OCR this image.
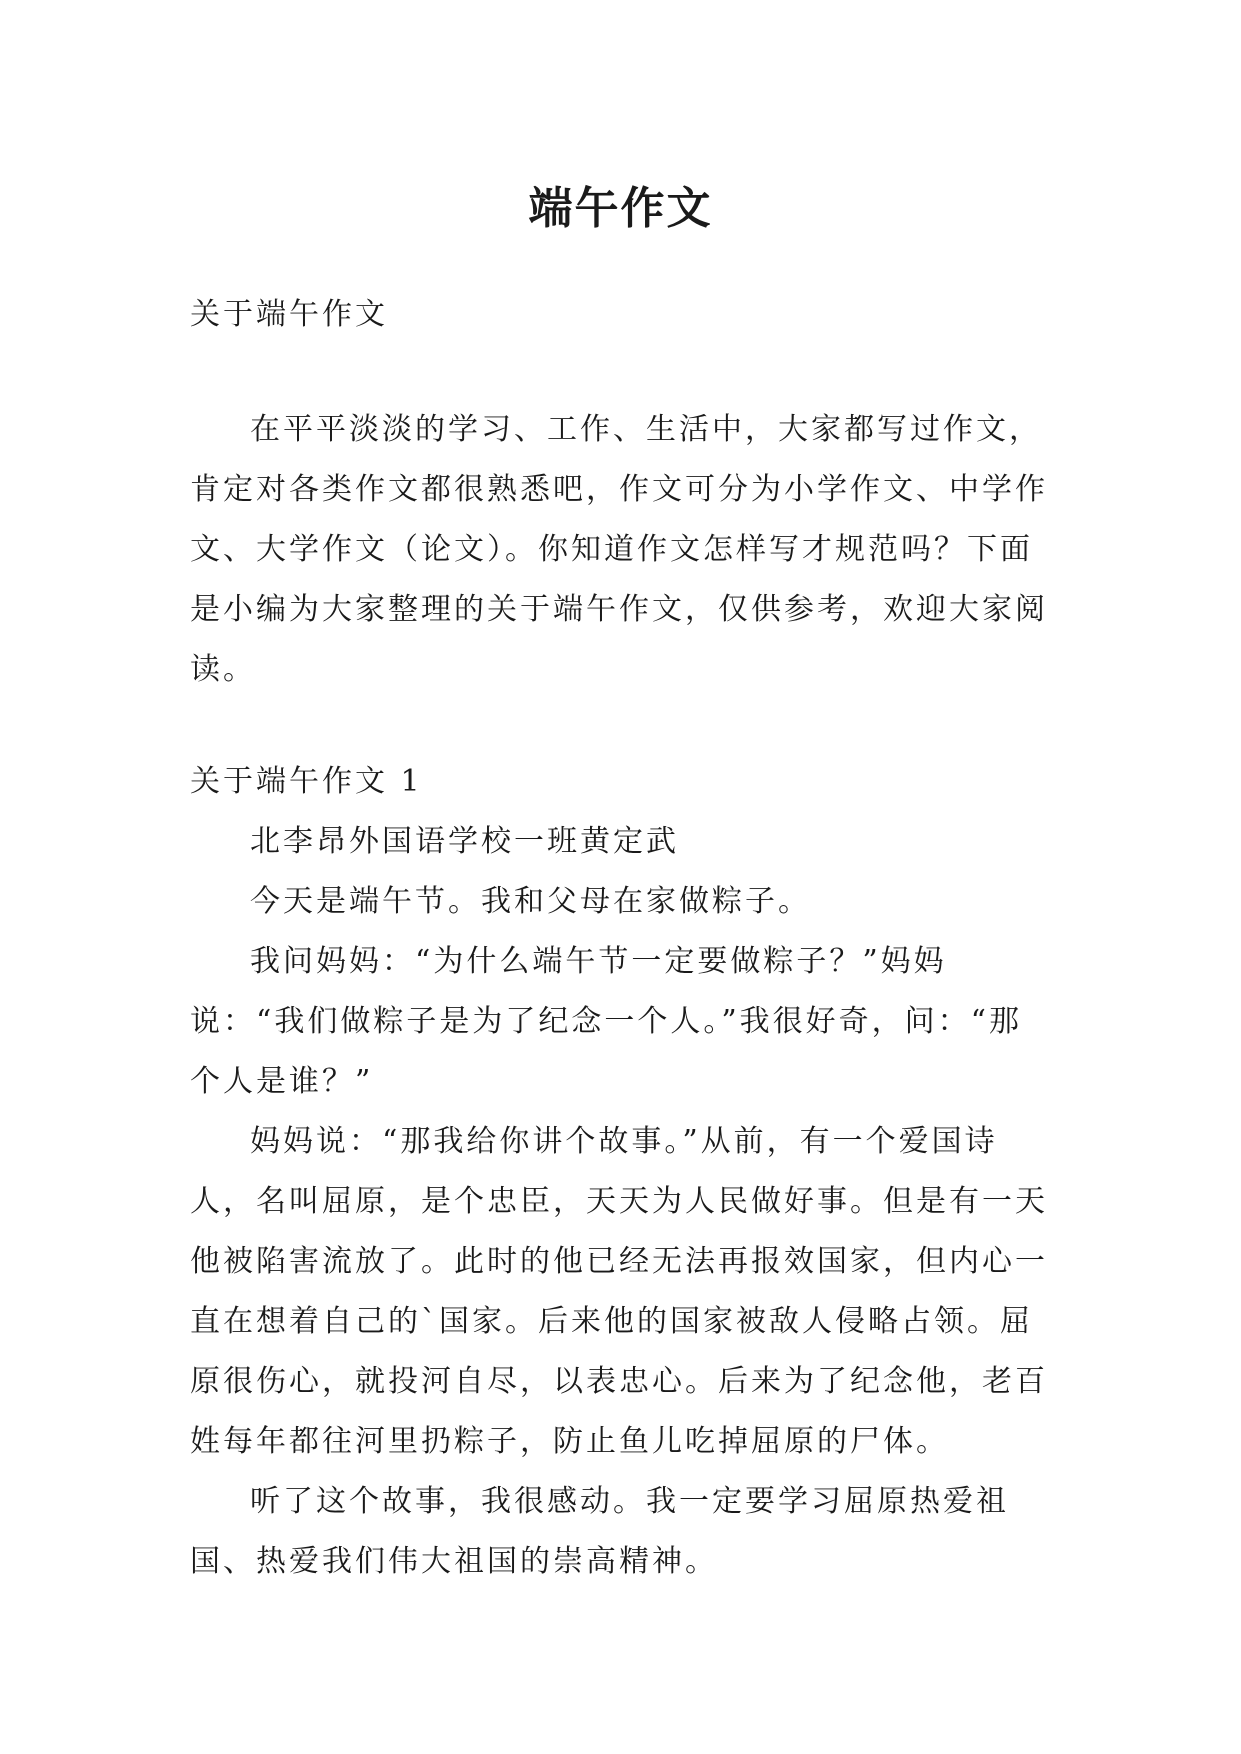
端午作文

关于端午作文

在平平淡淡的学习、工作、生活中，大家都写过作文，肯定对各类作文都很熟悉吧，作文可分为小学作文、中学作文、大学作文（论文）。你知道作文怎样写才规范吗？下面是小编为大家整理的关于端午作文，仅供参考，欢迎大家阅读。

关于端午作文 1

北李昂外国语学校一班黄定武

今天是端午节。我和父母在家做粽子。

我问妈妈：“为什么端午节一定要做粽子？”妈妈说：“我们做粽子是为了纪念一个人。”我很好奇，问：“那个人是谁？”

妈妈说：“那我给你讲个故事。”从前，有一个爱国诗人，名叫屈原，是个忠臣，天天为人民做好事。但是有一天他被陷害流放了。此时的他已经无法再报效国家，但内心一直在想着自己的`国家。后来他的国家被敌人侵略占领。屈原很伤心，就投河自尽，以表忠心。后来为了纪念他，老百姓每年都往河里扔粽子，防止鱼儿吃掉屈原的尸体。

听了这个故事，我很感动。我一定要学习屈原热爱祖国、热爱我们伟大祖国的崇高精神。
